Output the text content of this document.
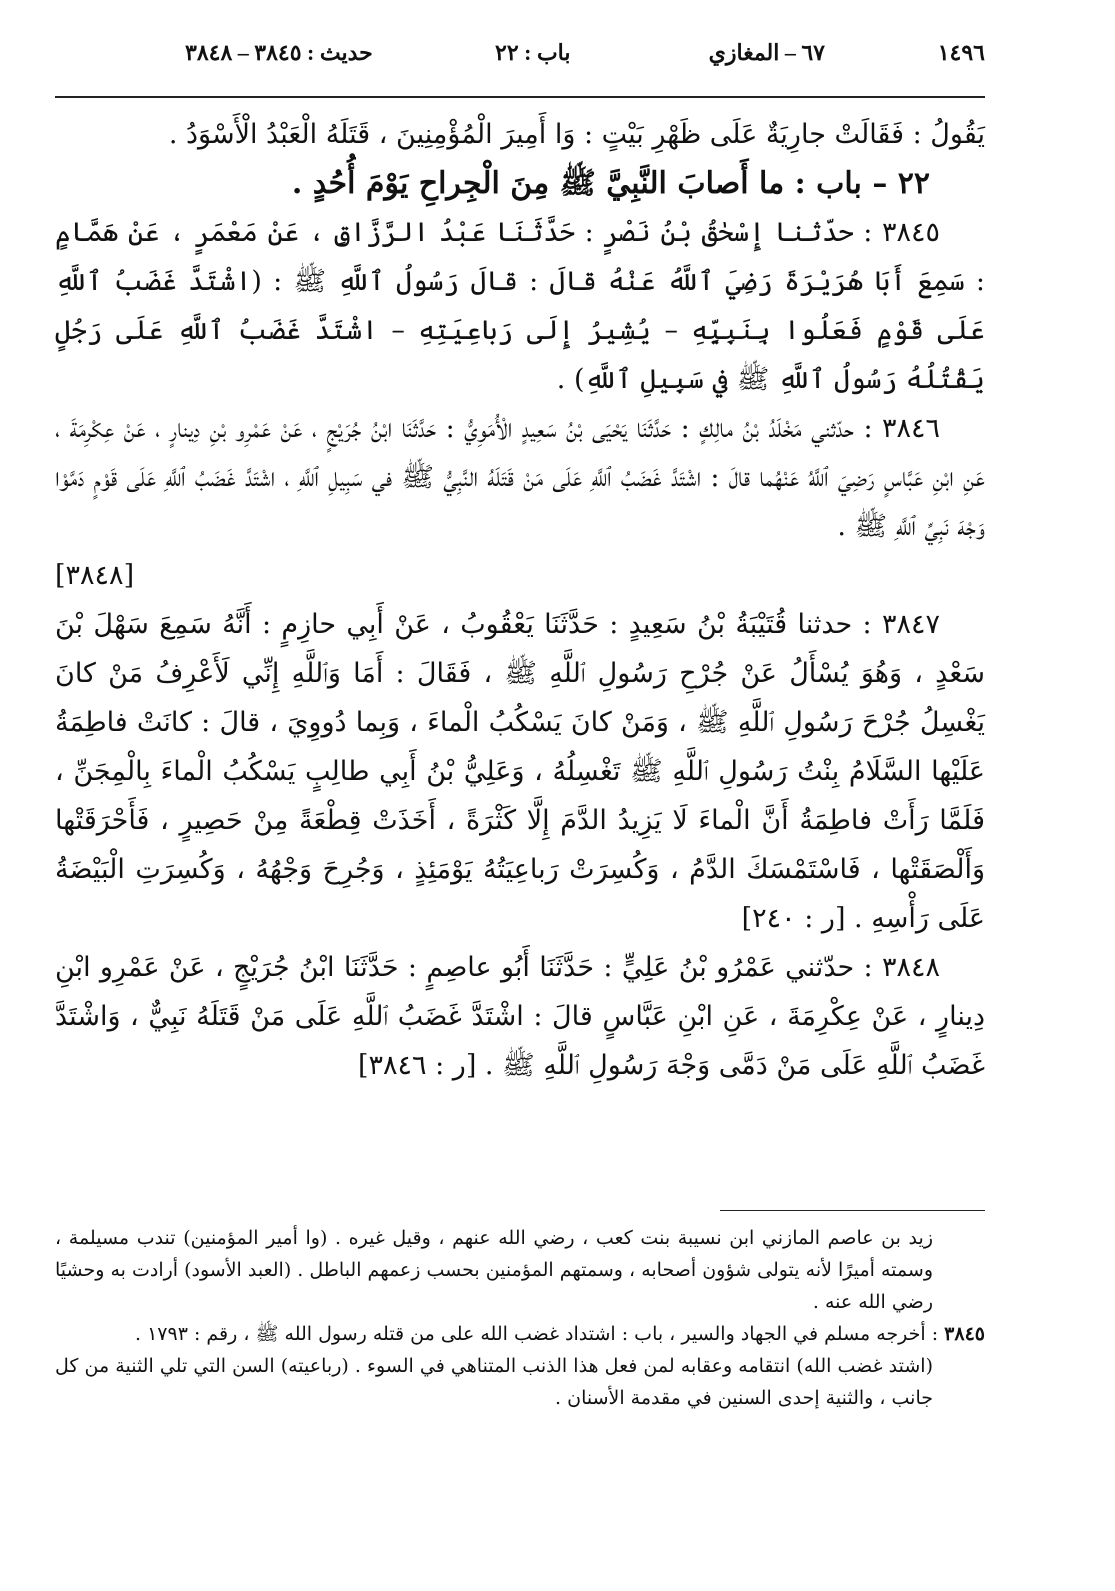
١٤٩٦
٦٧ – المغازي
باب : ٢٢
حديث : ٣٨٤٥ – ٣٨٤٨

يَقُولُ : فَقَالَتْ جارِيَةٌ عَلَى ظَهْرِ بَيْتٍ : وَا أَمِيرَ الْمُؤْمِنِينَ ، قَتَلَهُ الْعَبْدُ الْأَسْوَدُ .

٢٢ – باب : ما أَصابَ النَّبِيَّ ﷺ مِنَ الْجِراحِ يَوْمَ أُحُدٍ .

٣٨٤٥ : حدّثنا إِسْحٰقُ بْنُ نَصْرٍ : حَدَّثَنَا عَبْدُ الرَّزَّاقِ ، عَنْ مَعْمَرٍ ، عَنْ هَمَّامٍ : سَمِعَ أَبَا هُرَيْرَةَ رَضِيَ ٱللَّهُ عَنْهُ قالَ : قالَ رَسُولُ ٱللَّهِ ﷺ : (اشْتَدَّ غَضَبُ ٱللَّهِ عَلَى قَوْمٍ فَعَلُوا بِنَبِيِّهِ – يُشِيرُ إِلَى رَباعِيَتِهِ – اشْتَدَّ غَضَبُ ٱللَّهِ عَلَى رَجُلٍ يَقْتُلُهُ رَسُولُ ٱللَّهِ ﷺ في سَبِيلِ ٱللَّهِ) .

٣٨٤٦ : حدّثني مَخْلَدُ بْنُ مالِكٍ : حَدَّثَنَا يَحْيَى بْنُ سَعِيدٍ الْأُمَوِيُّ : حَدَّثَنَا ابْنُ جُرَيْجٍ ، عَنْ عَمْرِو بْنِ دِينارٍ ، عَنْ عِكْرِمَةَ ، عَنِ ابْنِ عَبَّاسٍ رَضِيَ ٱللَّهُ عَنْهُما قالَ : اشْتَدَّ غَضَبُ ٱللَّهِ عَلَى مَنْ قَتَلَهُ النَّبِيُّ ﷺ في سَبِيلِ ٱللَّهِ ، اشْتَدَّ غَضَبُ ٱللَّهِ عَلَى قَوْمٍ دَمَّوْا وَجْهَ نَبِيِّ ٱللَّهِ ﷺ .

[٣٨٤٨]

٣٨٤٧ : حدثنا قُتَيْبَةُ بْنُ سَعِيدٍ : حَدَّثَنَا يَعْقُوبُ ، عَنْ أَبِي حازِمٍ : أَنَّهُ سَمِعَ سَهْلَ بْنَ سَعْدٍ ، وَهُوَ يُسْأَلُ عَنْ جُرْحِ رَسُولِ ٱللَّهِ ﷺ ، فَقَالَ : أَمَا وَٱللَّهِ إِنِّي لَأَعْرِفُ مَنْ كانَ يَغْسِلُ جُرْحَ رَسُولِ ٱللَّهِ ﷺ ، وَمَنْ كانَ يَسْكُبُ الْماءَ ، وَبِما دُووِيَ ، قالَ : كانَتْ فاطِمَةُ عَلَيْها السَّلَامُ بِنْتُ رَسُولِ ٱللَّهِ ﷺ تَغْسِلُهُ ، وَعَلِيُّ بْنُ أَبِي طالِبٍ يَسْكُبُ الْماءَ بِالْمِجَنِّ ، فَلَمَّا رَأَتْ فاطِمَةُ أَنَّ الْماءَ لَا يَزِيدُ الدَّمَ إِلَّا كَثْرَةً ، أَخَذَتْ قِطْعَةً مِنْ حَصِيرٍ ، فَأَحْرَقَتْها وَأَلْصَقَتْها ، فَاسْتَمْسَكَ الدَّمُ ، وَكُسِرَتْ رَباعِيَتُهُ يَوْمَئِذٍ ، وَجُرِحَ وَجْهُهُ ، وَكُسِرَتِ الْبَيْضَةُ عَلَى رَأْسِهِ . [ر : ٢٤٠]

٣٨٤٨ : حدّثني عَمْرُو بْنُ عَلِيٍّ : حَدَّثَنَا أَبُو عاصِمٍ : حَدَّثَنَا ابْنُ جُرَيْجٍ ، عَنْ عَمْرِو ابْنِ دِينارٍ ، عَنْ عِكْرِمَةَ ، عَنِ ابْنِ عَبَّاسٍ قالَ : اشْتَدَّ غَضَبُ ٱللَّهِ عَلَى مَنْ قَتَلَهُ نَبِيٌّ ، وَاشْتَدَّ غَضَبُ ٱللَّهِ عَلَى مَنْ دَمَّى وَجْهَ رَسُولِ ٱللَّهِ ﷺ . [ر : ٣٨٤٦]

زيد بن عاصم المازني ابن نسيبة بنت كعب ، رضي الله عنهم ، وقيل غيره . (وا أمير المؤمنين) تندب مسيلمة ، وسمته أميرًا لأنه يتولى شؤون أصحابه ، وسمتهم المؤمنين بحسب زعمهم الباطل . (العبد الأسود) أرادت به وحشيًا رضي الله عنه .

٣٨٤٥ : أخرجه مسلم في الجهاد والسير ، باب : اشتداد غضب الله على من قتله رسول الله ﷺ ، رقم : ١٧٩٣ .

(اشتد غضب الله) انتقامه وعقابه لمن فعل هذا الذنب المتناهي في السوء . (رباعيته) السن التي تلي الثنية من كل جانب ، والثنية إحدى السنين في مقدمة الأسنان .
